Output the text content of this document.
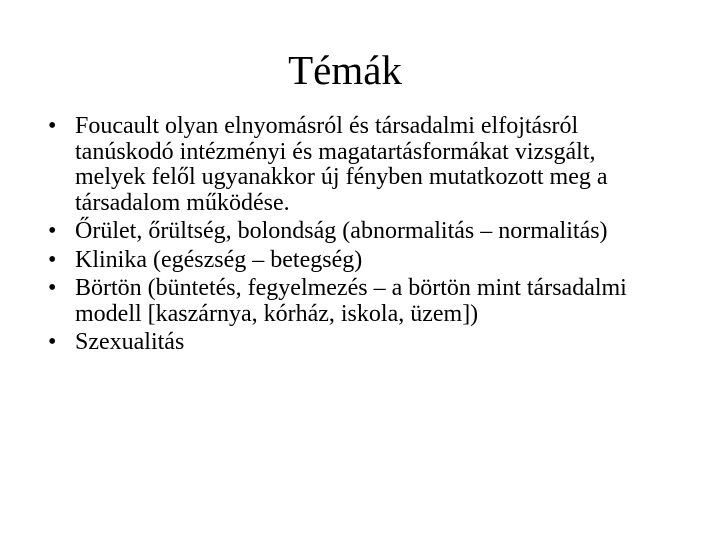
Témák
• Foucault olyan elnyomásról és társadalmi elfojtásról tanúskodó intézményi és magatartásformákat vizsgált, melyek felől ugyanakkor új fényben mutatkozott meg a társadalom működése.
• Őrület, őrültség, bolondság (abnormalitás – normalitás)
• Klinika (egészség – betegség)
• Börtön (büntetés, fegyelmezés – a börtön mint társadalmi modell [kaszárnya, kórház, iskola, üzem])
• Szexualitás
